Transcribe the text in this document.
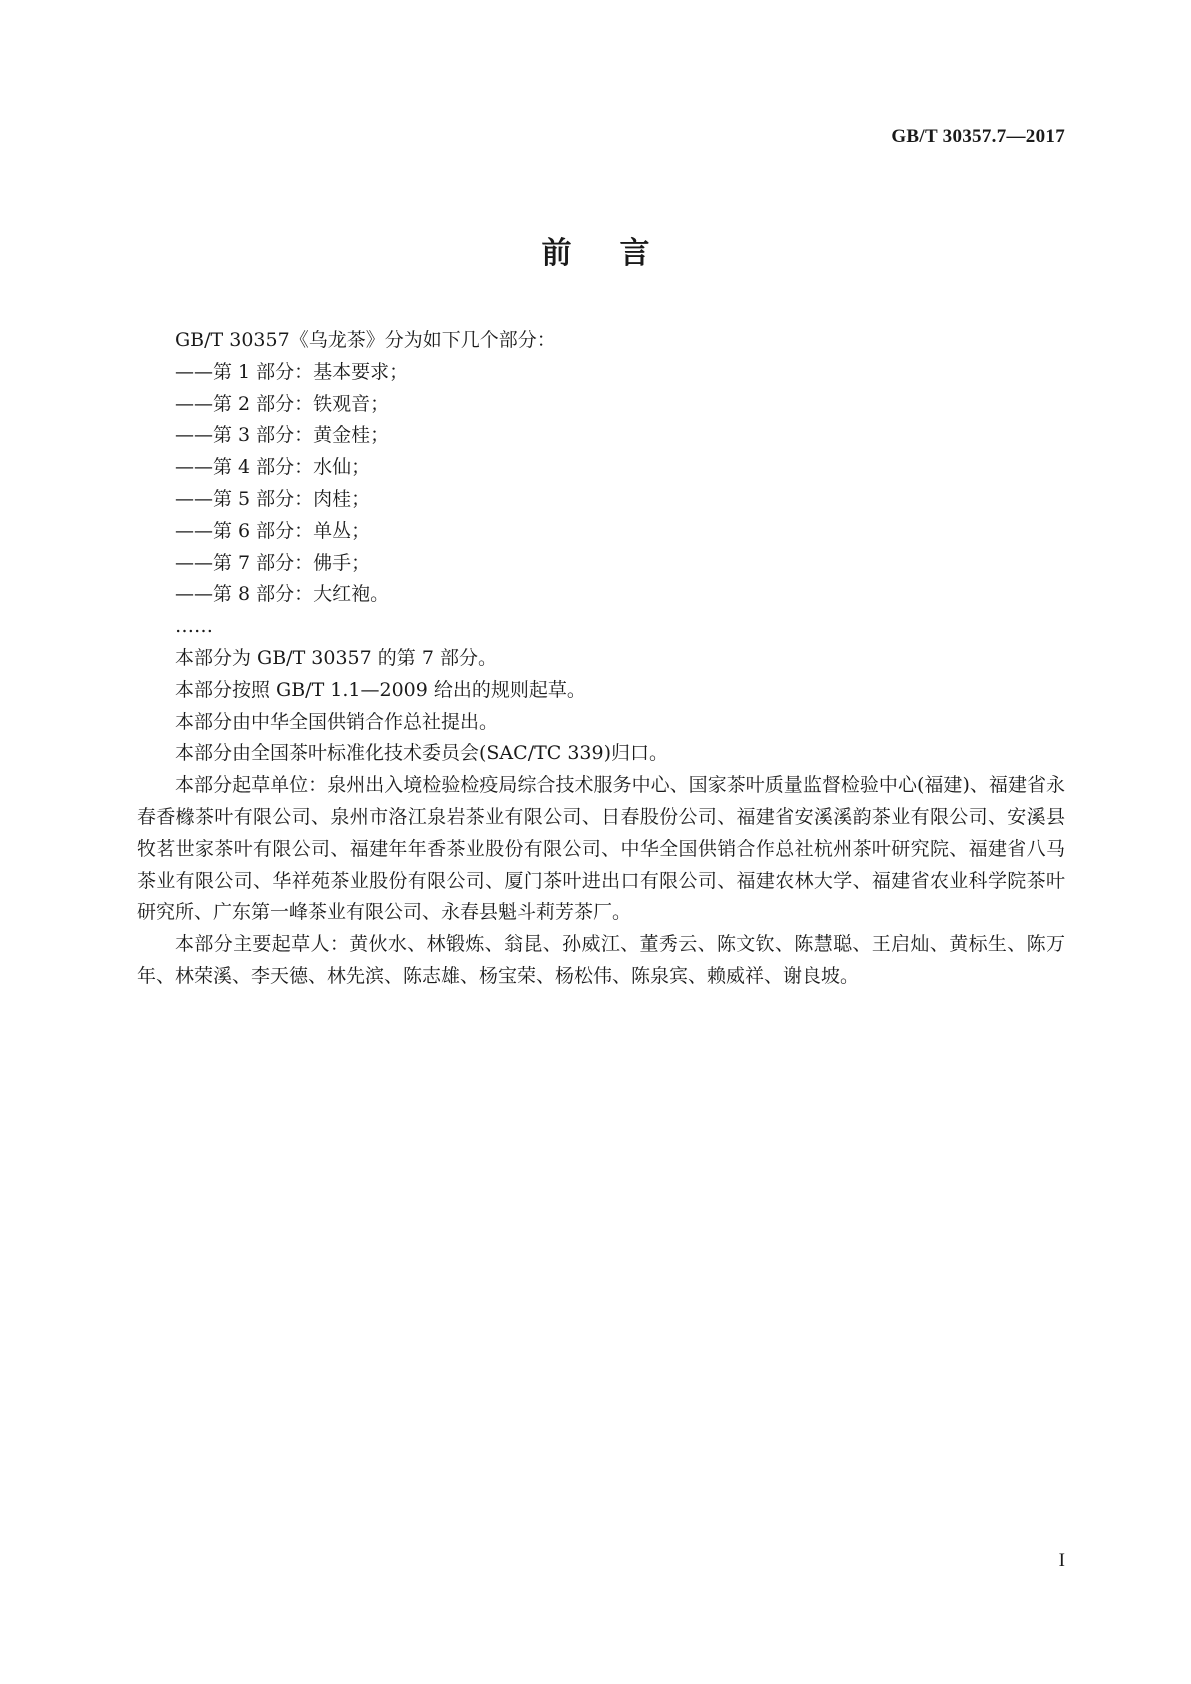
GB/T 30357.7—2017
前言
GB/T 30357《乌龙茶》分为如下几个部分：
——第 1 部分：基本要求；
——第 2 部分：铁观音；
——第 3 部分：黄金桂；
——第 4 部分：水仙；
——第 5 部分：肉桂；
——第 6 部分：单丛；
——第 7 部分：佛手；
——第 8 部分：大红袍。
……
本部分为 GB/T 30357 的第 7 部分。
本部分按照 GB/T 1.1—2009 给出的规则起草。
本部分由中华全国供销合作总社提出。
本部分由全国茶叶标准化技术委员会(SAC/TC 339)归口。
本部分起草单位：泉州出入境检验检疫局综合技术服务中心、国家茶叶质量监督检验中心(福建)、福建省永春香橼茶叶有限公司、泉州市洛江泉岩茶业有限公司、日春股份公司、福建省安溪溪韵茶业有限公司、安溪县牧茗世家茶叶有限公司、福建年年香茶业股份有限公司、中华全国供销合作总社杭州茶叶研究院、福建省八马茶业有限公司、华祥苑茶业股份有限公司、厦门茶叶进出口有限公司、福建农林大学、福建省农业科学院茶叶研究所、广东第一峰茶业有限公司、永春县魁斗莉芳茶厂。
本部分主要起草人：黄伙水、林锻炼、翁昆、孙威江、董秀云、陈文钦、陈慧聪、王启灿、黄标生、陈万年、林荣溪、李天德、林先滨、陈志雄、杨宝荣、杨松伟、陈泉宾、赖威祥、谢良坡。
I
